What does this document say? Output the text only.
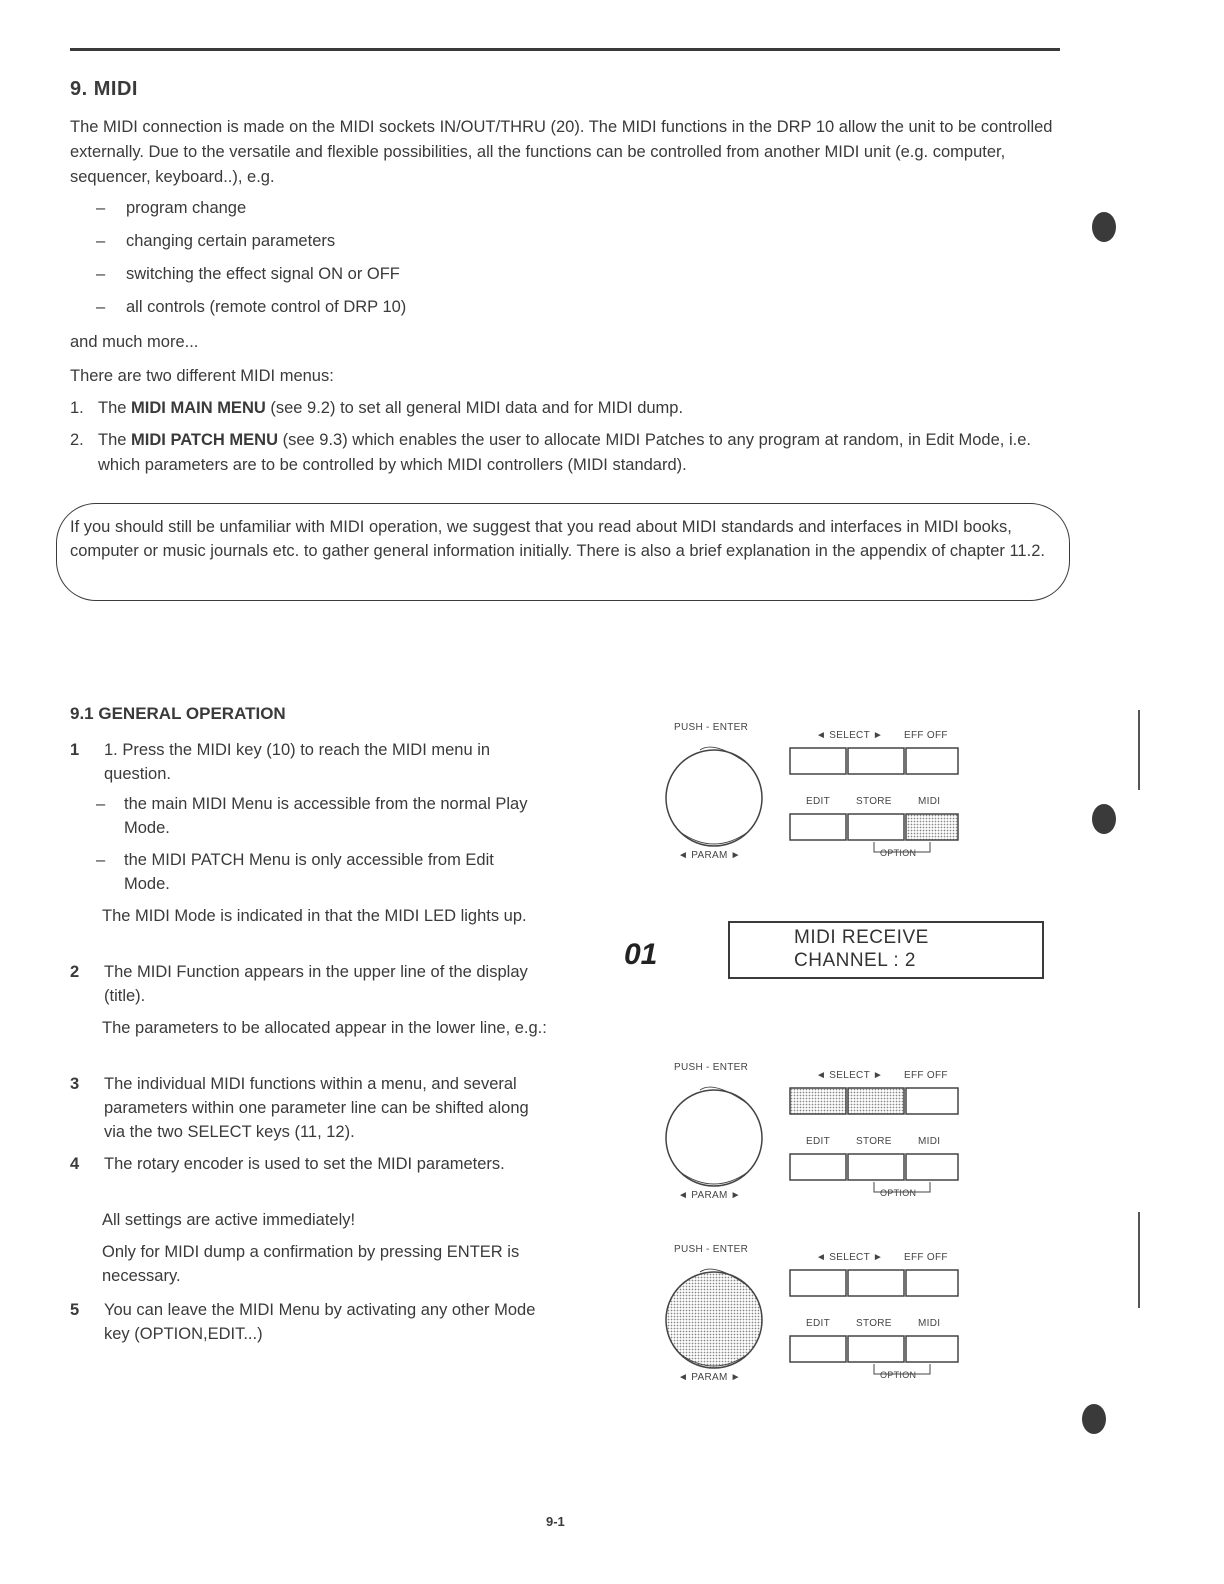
9. MIDI
The MIDI connection is made on the MIDI sockets IN/OUT/THRU (20). The MIDI functions in the DRP 10 allow the unit to be controlled externally. Due to the versatile and flexible possibilities, all the functions can be controlled from another MIDI unit (e.g. computer, sequencer, keyboard..), e.g.
– program change
– changing certain parameters
– switching the effect signal ON or OFF
– all controls (remote control of DRP 10)
and much more...
There are two different MIDI menus:
1. The MIDI MAIN MENU (see 9.2) to set all general MIDI data and for MIDI dump.
2. The MIDI PATCH MENU (see 9.3) which enables the user to allocate MIDI Patches to any program at random, in Edit Mode, i.e. which parameters are to be controlled by which MIDI controllers (MIDI standard).
If you should still be unfamiliar with MIDI operation, we suggest that you read about MIDI standards and interfaces in MIDI books, computer or music journals etc. to gather general information initially. There is also a brief explanation in the appendix of chapter 11.2.
9.1 GENERAL OPERATION
1 1. Press the MIDI key (10) to reach the MIDI menu in question.
–	the main MIDI Menu is accessible from the normal Play Mode.
–	the MIDI PATCH Menu is only accessible from Edit Mode.
The MIDI Mode is indicated in that the MIDI LED lights up.
2 The MIDI Function appears in the upper line of the display (title).
The parameters to be allocated appear in the lower line, e.g.:
3 The individual MIDI functions within a menu, and several parameters within one parameter line can be shifted along via the two SELECT keys (11, 12).
4 The rotary encoder is used to set the MIDI parameters.
All settings are active immediately!
Only for MIDI dump a confirmation by pressing ENTER is necessary.
5 You can leave the MIDI Menu by activating any other Mode key (OPTION,EDIT...)
PUSH - ENTER
◄ PARAM ►
◄ SELECT ► EFF OFF
EDIT	STORE	MIDI
OPTION
01
MIDI RECEIVE
CHANNEL : 2
PUSH - ENTER
◄ PARAM ►
◄ SELECT ► EFF OFF
EDIT	STORE	MIDI
OPTION
PUSH - ENTER
◄ PARAM ►
◄ SELECT ► EFF OFF
EDIT	STORE	MIDI
OPTION
9-1
